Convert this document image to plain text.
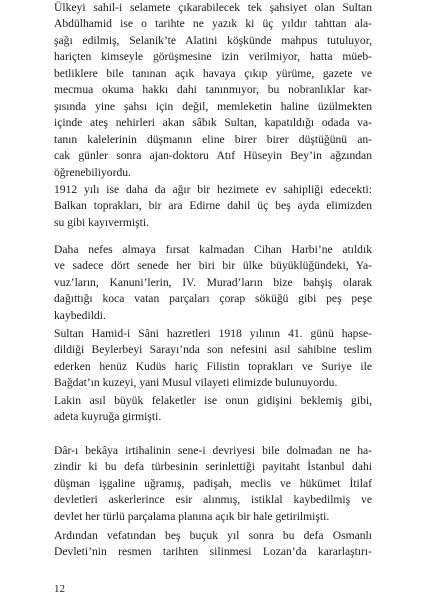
Ülkeyi sahil-i selamete çıkarabilecek tek şahsiyet olan Sultan
Abdülhamid ise o tarihte ne yazık ki üç yıldır tahttan ala-
şağı edilmiş, Selanik’te Alatini köşkünde mahpus tutuluyor,
hariçten kimseyle görüşmesine izin verilmiyor, hatta müeb-
betliklere bile tanınan açık havaya çıkıp yürüme, gazete ve
mecmua okuma hakkı dahi tanınmıyor, bu nobranlıklar kar-
şısında yine şahsı için değil, memleketin haline üzülmekten
içinde ateş nehirleri akan sâbık Sultan, kapatıldığı odada va-
tanın kalelerinin düşmanın eline birer birer düştüğünü an-
cak günler sonra ajan-doktoru Atıf Hüseyin Bey’in ağzından
öğrenebiliyordu.
1912 yılı ise daha da ağır bir hezimete ev sahipliği edecekti:
Balkan toprakları, bir ara Edirne dahil üç beş ayda elimizden
su gibi kayıvermişti.
Daha nefes almaya fırsat kalmadan Cihan Harbi’ne atıldık
ve sadece dört senede her biri bir ülke büyüklüğündeki, Ya-
vuz’ların, Kanuni’lerin, IV. Murad’ların bize bahşiş olarak
dağıttığı koca vatan parçaları çorap söküğü gibi peş peşe
kaybedildi.
Sultan Hamid-i Sâni hazretleri 1918 yılının 41. günü hapse-
dildiği Beylerbeyi Sarayı’nda son nefesini asıl sahibine teslim
ederken henüz Kudüs hariç Filistin toprakları ve Suriye ile
Bağdat’ın kuzeyi, yani Musul vilayeti elimizde bulunuyordu.
Lakin asıl büyük felaketler ise onun gidişini beklemiş gibi,
adeta kuyruğa girmişti.
Dâr-ı bekâya irtihalinin sene-i devriyesi bile dolmadan ne ha-
zindir ki bu defa türbesinin serinlettiği payitaht İstanbul dahi
düşman işgaline uğramış, padişah, meclis ve hükümet İtilaf
devletleri askerlerince esir alınmış, istiklal kaybedilmiş ve
devlet her türlü parçalama planına açık bir hale getirilmişti.
Ardından vefatından beş buçuk yıl sonra bu defa Osmanlı
Devleti’nin resmen tarihten silinmesi Lozan’da kararlaştırı-
12
